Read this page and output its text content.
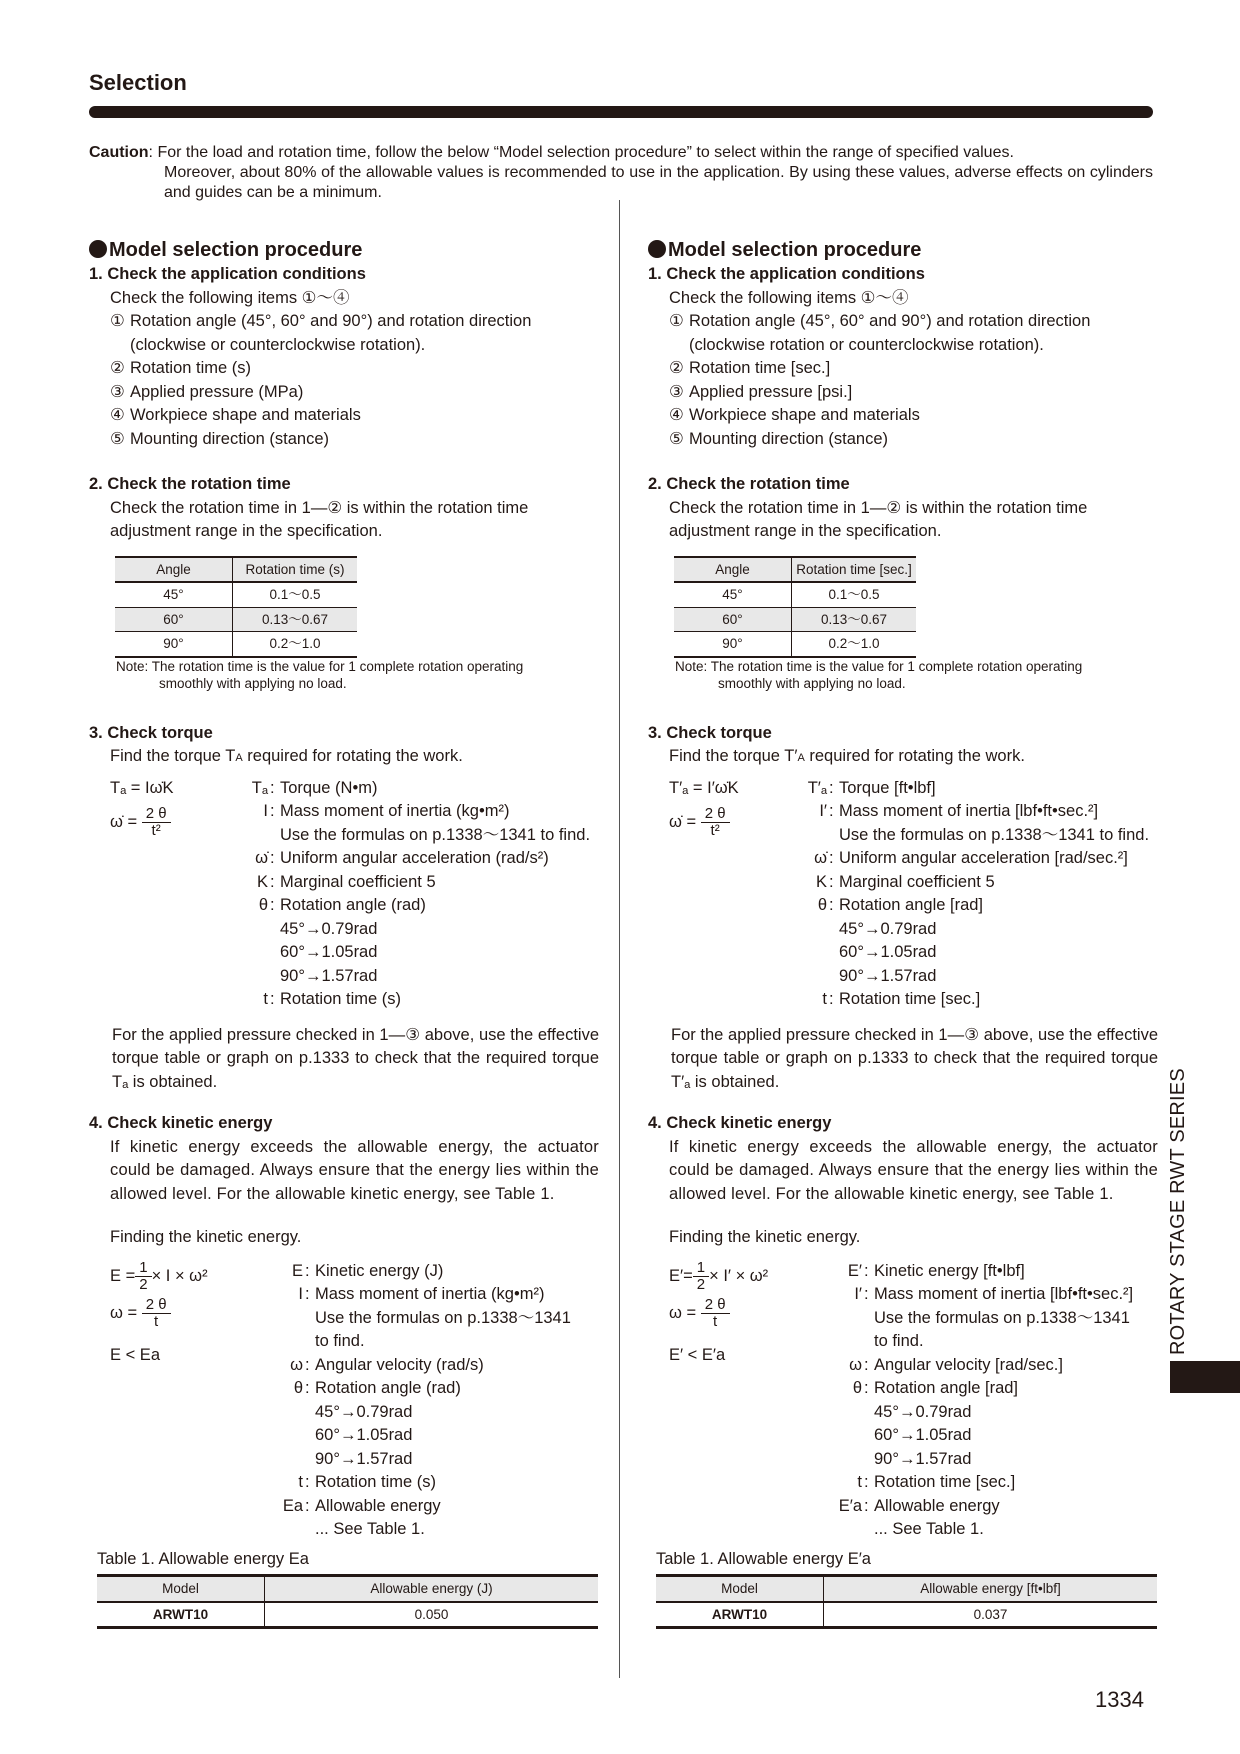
Selection
Caution: For the load and rotation time, follow the below “Model selection procedure” to select within the range of specified values.
Moreover, about 80% of the allowable values is recommended to use in the application. By using these values, adverse effects on cylinders and guides can be a minimum.
Model selection procedure
1. Check the application conditions
Check the following items ①〜④
① Rotation angle (45°, 60° and 90°) and rotation direction
(clockwise or counterclockwise rotation).
② Rotation time (s)
③ Applied pressure (MPa)
④ Workpiece shape and materials
⑤ Mounting direction (stance)
2. Check the rotation time
Check the rotation time in 1—② is within the rotation time adjustment range in the specification.
Angle	Rotation time (s)
45°	0.1〜0.5
60°	0.13〜0.67
90°	0.2〜1.0
Note: The rotation time is the value for 1 complete rotation operating
smoothly with applying no load.
3. Check torque
Find the torque TA required for rotating the work.
Tₐ = Iω̇K
ω̇ = $\frac{2 \theta}{\text{t²}}$
Tₐ : Torque (N•m)
I : Mass moment of inertia (kg•m²)
Use the formulas on p.1338〜1341 to find.
ω̇ : Uniform angular acceleration (rad/s²)
K : Marginal coefficient 5
θ : Rotation angle (rad)
45°→0.79rad
60°→1.05rad
90°→1.57rad
t : Rotation time (s)
For the applied pressure checked in 1—③ above, use the effective torque table or graph on p.1333 to check that the required torque Tₐ is obtained.
4. Check kinetic energy
If kinetic energy exceeds the allowable energy, the actuator could be damaged. Always ensure that the energy lies within the allowed level. For the allowable kinetic energy, see Table 1.
Finding the kinetic energy.
$E = \frac{1}{2} \times I \times \omega^2$
$\omega = \frac{2 \theta}{t}$
E < Ea
E : Kinetic energy (J)
I : Mass moment of inertia (kg•m²)
Use the formulas on p.1338〜1341
to find.
ω : Angular velocity (rad/s)
θ : Rotation angle (rad)
45°→0.79rad
60°→1.05rad
90°→1.57rad
t : Rotation time (s)
Ea : Allowable energy
... See Table 1.
Table 1. Allowable energy Ea
Model	Allowable energy (J)
ARWT10	0.050
Model selection procedure
1. Check the application conditions
Check the following items ①〜④
① Rotation angle (45°, 60° and 90°) and rotation direction
(clockwise rotation or counterclockwise rotation).
② Rotation time [sec.]
③ Applied pressure [psi.]
④ Workpiece shape and materials
⑤ Mounting direction (stance)
2. Check the rotation time
Check the rotation time in 1—② is within the rotation time adjustment range in the specification.
Angle	Rotation time [sec.]
45°	0.1〜0.5
60°	0.13〜0.67
90°	0.2〜1.0
Note: The rotation time is the value for 1 complete rotation operating
smoothly with applying no load.
3. Check torque
Find the torque T′A required for rotating the work.
T′ₐ = I′ω̇K
ω̇ = $\frac{2 \theta}{\text{t²}}$
T′ₐ : Torque [ft•lbf]
I′ : Mass moment of inertia [lbf•ft•sec.²]
Use the formulas on p.1338〜1341 to find.
ω̇ : Uniform angular acceleration [rad/sec.²]
K : Marginal coefficient 5
θ : Rotation angle [rad]
45°→0.79rad
60°→1.05rad
90°→1.57rad
t : Rotation time [sec.]
For the applied pressure checked in 1—③ above, use the effective torque table or graph on p.1333 to check that the required torque T′ₐ is obtained.
4. Check kinetic energy
If kinetic energy exceeds the allowable energy, the actuator could be damaged. Always ensure that the energy lies within the allowed level. For the allowable kinetic energy, see Table 1.
Finding the kinetic energy.
$E'= \frac{1}{2} \times I' \times \omega^2$
$\omega = \frac{2 \theta}{t}$
E′ < E′a
E′ : Kinetic energy [ft•lbf]
I′ : Mass moment of inertia [lbf•ft•sec.²]
Use the formulas on p.1338〜1341
to find.
ω : Angular velocity [rad/sec.]
θ : Rotation angle [rad]
45°→0.79rad
60°→1.05rad
90°→1.57rad
t : Rotation time [sec.]
E′a : Allowable energy
... See Table 1.
Table 1. Allowable energy E′a
Model	Allowable energy [ft•lbf]
ARWT10	0.037
ROTARY STAGE RWT SERIES
1334
